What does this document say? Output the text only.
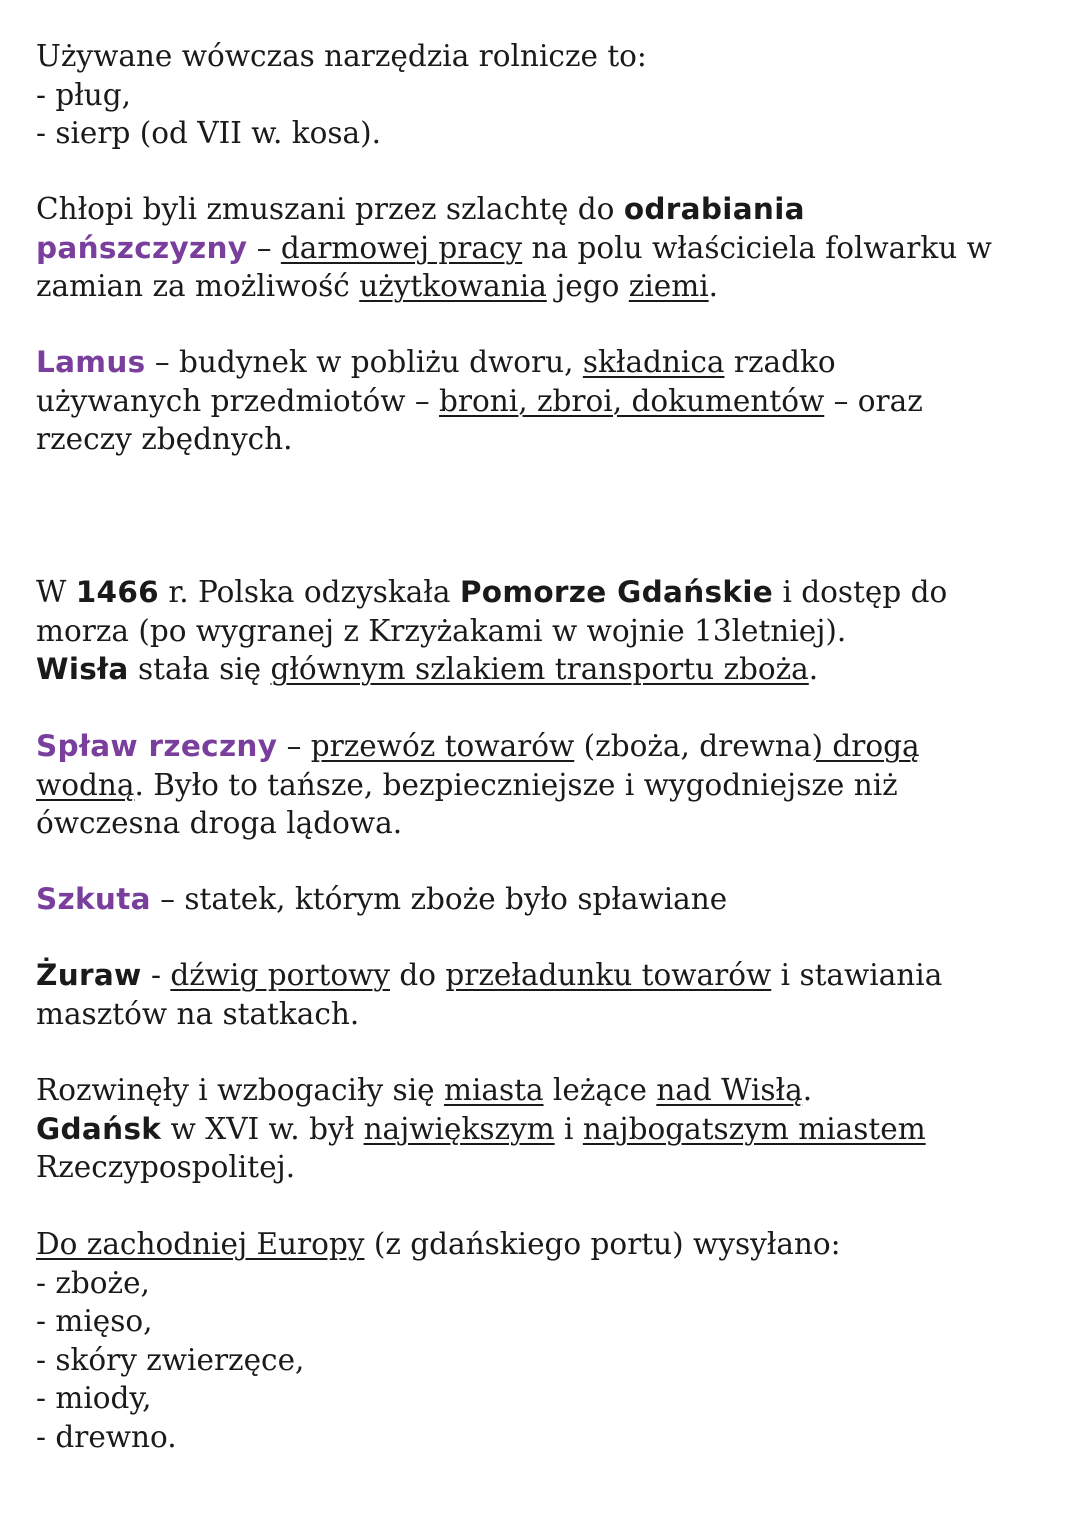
Używane wówczas narzędzia rolnicze to:
- pług,
- sierp (od VII w. kosa).
Chłopi byli zmuszani przez szlachtę do odrabiania
pańszczyzny – darmowej pracy na polu właściciela folwarku w
zamian za możliwość użytkowania jego ziemi.
Lamus – budynek w pobliżu dworu, składnica rzadko
używanych przedmiotów – broni, zbroi, dokumentów – oraz
rzeczy zbędnych.
W 1466 r. Polska odzyskała Pomorze Gdańskie i dostęp do
morza (po wygranej z Krzyżakami w wojnie 13letniej).
Wisła stała się głównym szlakiem transportu zboża.
Spław rzeczny – przewóz towarów (zboża, drewna) drogą
wodną. Było to tańsze, bezpieczniejsze i wygodniejsze niż
ówczesna droga lądowa.
Szkuta – statek, którym zboże było spławiane
Żuraw - dźwig portowy do przeładunku towarów i stawiania
masztów na statkach.
Rozwinęły i wzbogaciły się miasta leżące nad Wisłą.
Gdańsk w XVI w. był największym i najbogatszym miastem
Rzeczypospolitej.
Do zachodniej Europy (z gdańskiego portu) wysyłano:
- zboże,
- mięso,
- skóry zwierzęce,
- miody,
- drewno.
